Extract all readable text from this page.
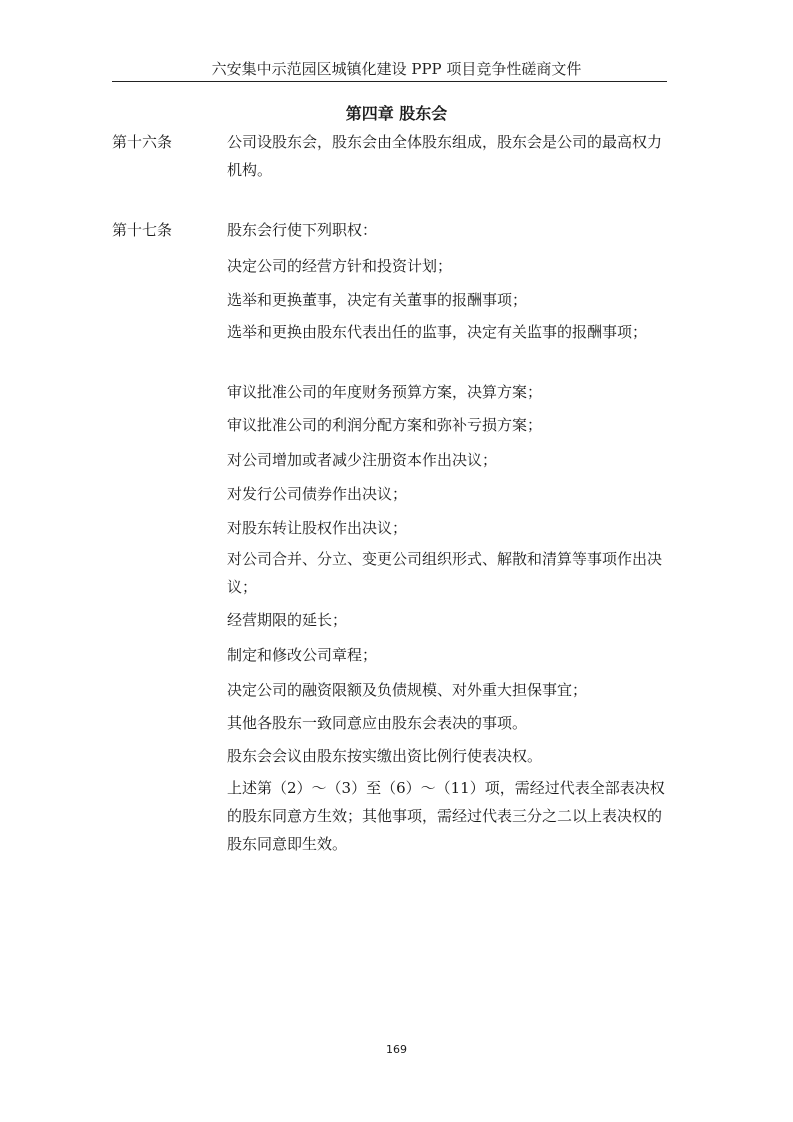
六安集中示范园区城镇化建设 PPP 项目竞争性磋商文件
第四章 股东会
第十六条	公司设股东会，股东会由全体股东组成，股东会是公司的最高权力机构。
第十七条	股东会行使下列职权：
决定公司的经营方针和投资计划；
选举和更换董事，决定有关董事的报酬事项；
选举和更换由股东代表出任的监事，决定有关监事的报酬事项；
审议批准公司的年度财务预算方案，决算方案；
审议批准公司的利润分配方案和弥补亏损方案；
对公司增加或者减少注册资本作出决议；
对发行公司债券作出决议；
对股东转让股权作出决议；
对公司合并、分立、变更公司组织形式、解散和清算等事项作出决议；
经营期限的延长；
制定和修改公司章程；
决定公司的融资限额及负债规模、对外重大担保事宜；
其他各股东一致同意应由股东会表决的事项。
股东会会议由股东按实缴出资比例行使表决权。
上述第（2）～（3）至（6）～（11）项，需经过代表全部表决权的股东同意方生效；其他事项，需经过代表三分之二以上表决权的股东同意即生效。
169
